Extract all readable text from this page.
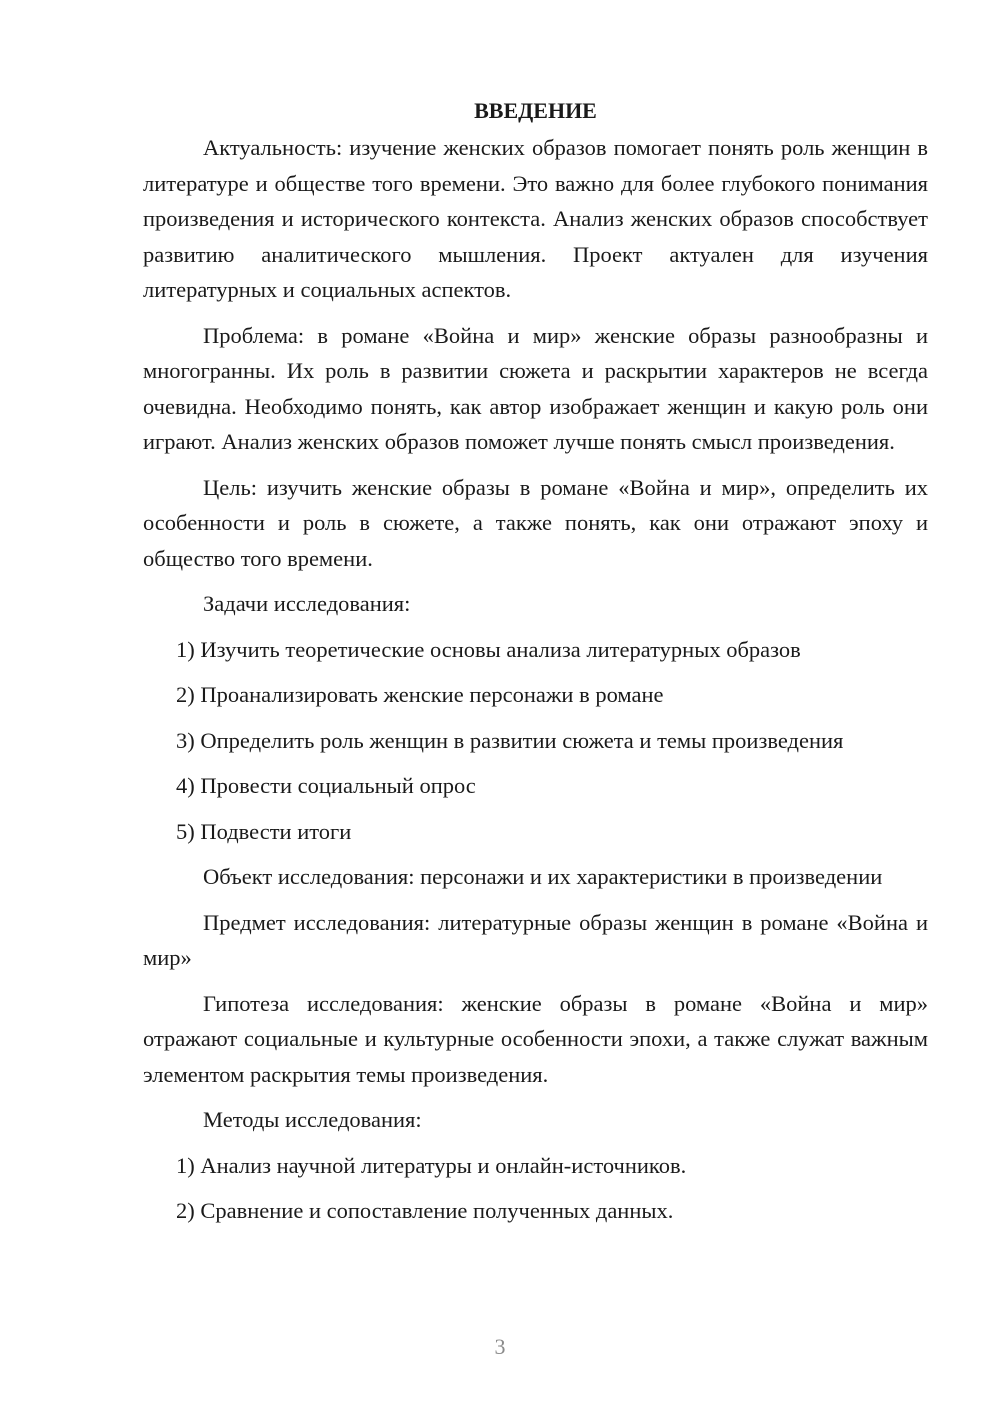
ВВЕДЕНИЕ

Актуальность: изучение женских образов помогает понять роль женщин в литературе и обществе того времени. Это важно для более глубокого понимания произведения и исторического контекста. Анализ женских образов способствует развитию аналитического мышления. Проект актуален для изучения литературных и социальных аспектов.

Проблема: в романе «Война и мир» женские образы разнообразны и многогранны. Их роль в развитии сюжета и раскрытии характеров не всегда очевидна. Необходимо понять, как автор изображает женщин и какую роль они играют. Анализ женских образов поможет лучше понять смысл произведения.

Цель: изучить женские образы в романе «Война и мир», определить их особенности и роль в сюжете, а также понять, как они отражают эпоху и общество того времени.

Задачи исследования:
1) Изучить теоретические основы анализа литературных образов
2) Проанализировать женские персонажи в романе
3) Определить роль женщин в развитии сюжета и темы произведения
4) Провести социальный опрос
5) Подвести итоги

Объект исследования: персонажи и их характеристики в произведении

Предмет исследования: литературные образы женщин в романе «Война и мир»

Гипотеза исследования: женские образы в романе «Война и мир» отражают социальные и культурные особенности эпохи, а также служат важным элементом раскрытия темы произведения.

Методы исследования:
1) Анализ научной литературы и онлайн-источников.
2) Сравнение и сопоставление полученных данных.
3
